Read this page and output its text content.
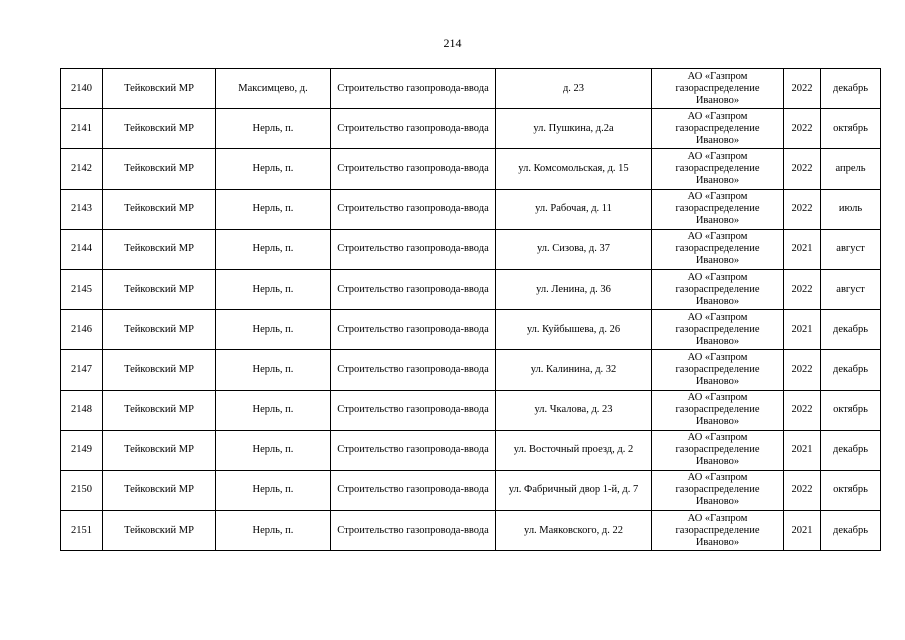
214
2140	Тейковский МР	Максимцево, д.	Строительство газопровода-ввода	д. 23	АО «Газпром газораспределение Иваново»	2022	декабрь
2141	Тейковский МР	Нерль, п.	Строительство газопровода-ввода	ул. Пушкина, д.2а	АО «Газпром газораспределение Иваново»	2022	октябрь
2142	Тейковский МР	Нерль, п.	Строительство газопровода-ввода	ул. Комсомольская, д. 15	АО «Газпром газораспределение Иваново»	2022	апрель
2143	Тейковский МР	Нерль, п.	Строительство газопровода-ввода	ул. Рабочая, д. 11	АО «Газпром газораспределение Иваново»	2022	июль
2144	Тейковский МР	Нерль, п.	Строительство газопровода-ввода	ул. Сизова, д. 37	АО «Газпром газораспределение Иваново»	2021	август
2145	Тейковский МР	Нерль, п.	Строительство газопровода-ввода	ул. Ленина, д. 36	АО «Газпром газораспределение Иваново»	2022	август
2146	Тейковский МР	Нерль, п.	Строительство газопровода-ввода	ул. Куйбышева, д. 26	АО «Газпром газораспределение Иваново»	2021	декабрь
2147	Тейковский МР	Нерль, п.	Строительство газопровода-ввода	ул. Калинина, д. 32	АО «Газпром газораспределение Иваново»	2022	декабрь
2148	Тейковский МР	Нерль, п.	Строительство газопровода-ввода	ул. Чкалова, д. 23	АО «Газпром газораспределение Иваново»	2022	октябрь
2149	Тейковский МР	Нерль, п.	Строительство газопровода-ввода	ул. Восточный проезд, д. 2	АО «Газпром газораспределение Иваново»	2021	декабрь
2150	Тейковский МР	Нерль, п.	Строительство газопровода-ввода	ул. Фабричный двор 1-й, д. 7	АО «Газпром газораспределение Иваново»	2022	октябрь
2151	Тейковский МР	Нерль, п.	Строительство газопровода-ввода	ул. Маяковского, д. 22	АО «Газпром газораспределение Иваново»	2021	декабрь
